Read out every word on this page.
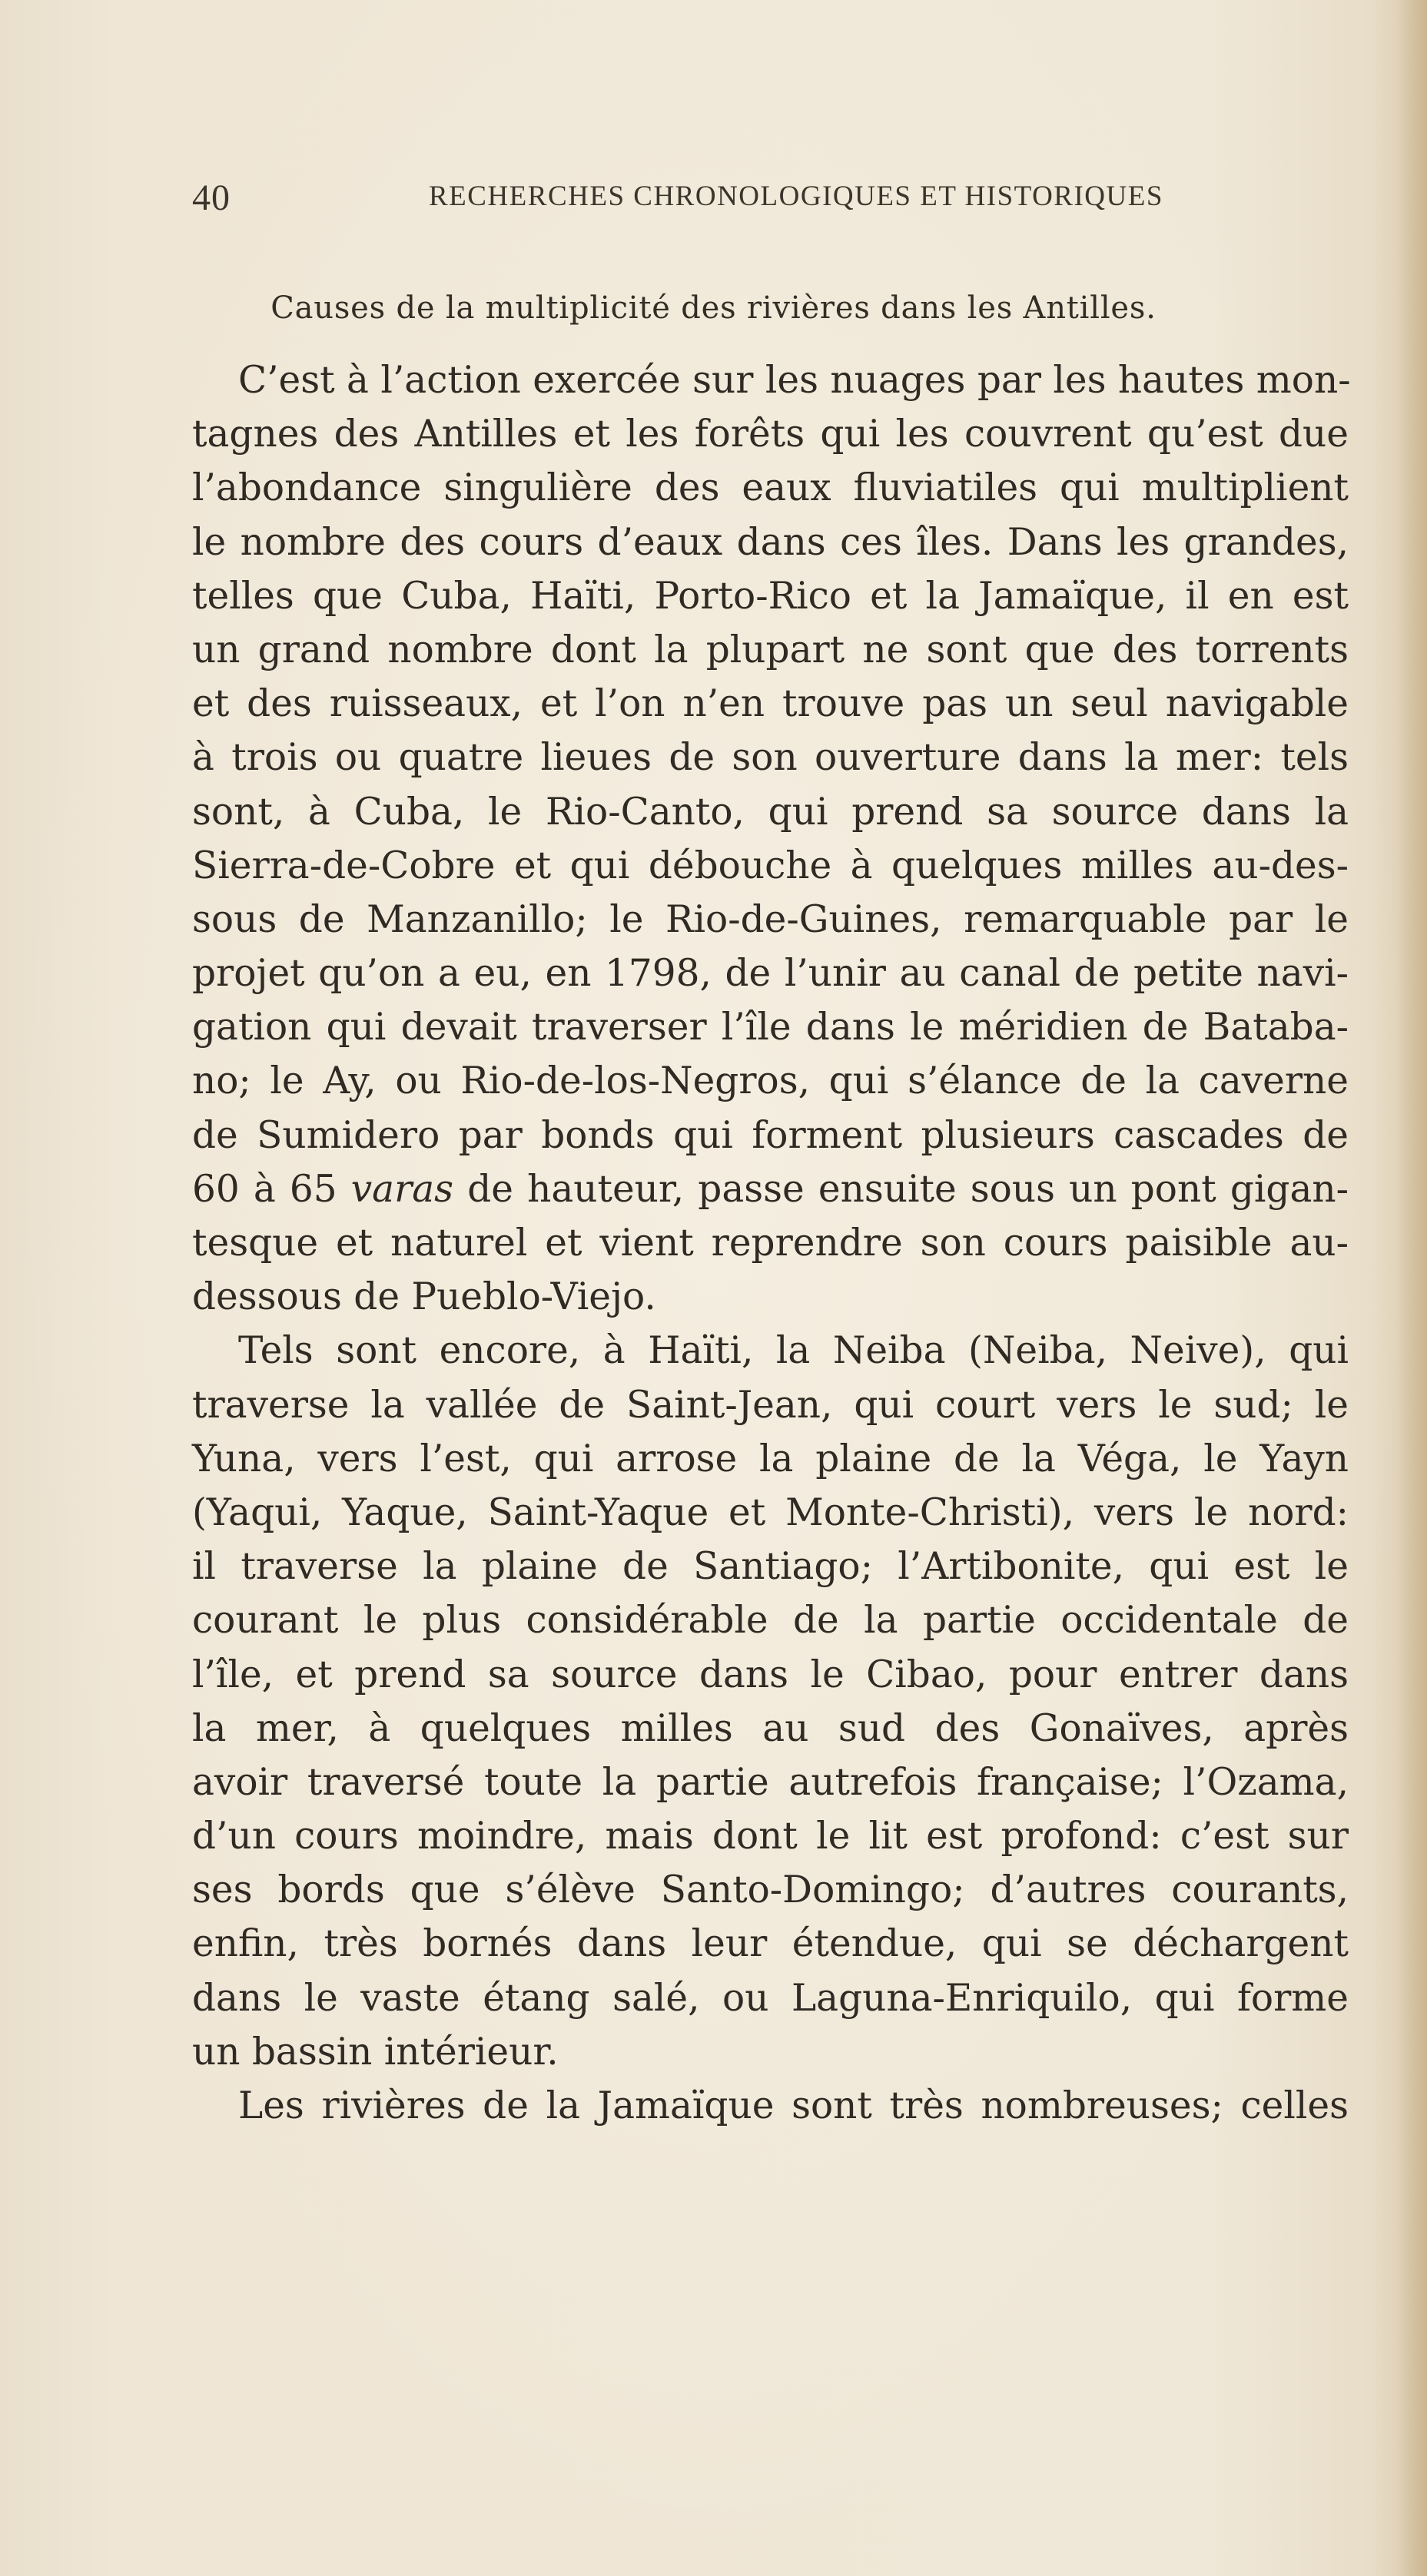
40	RECHERCHES CHRONOLOGIQUES ET HISTORIQUES
Causes de la multiplicité des rivières dans les Antilles.
C’est à l’action exercée sur les nuages par les hautes mon-
tagnes des Antilles et les forêts qui les couvrent qu’est due
l’abondance singulière des eaux fluviatiles qui multiplient
le nombre des cours d’eaux dans ces îles. Dans les grandes,
telles que Cuba, Haïti, Porto-Rico et la Jamaïque, il en est
un grand nombre dont la plupart ne sont que des torrents
et des ruisseaux, et l’on n’en trouve pas un seul navigable
à trois ou quatre lieues de son ouverture dans la mer: tels
sont, à Cuba, le Rio-Canto, qui prend sa source dans la
Sierra-de-Cobre et qui débouche à quelques milles au-des-
sous de Manzanillo; le Rio-de-Guines, remarquable par le
projet qu’on a eu, en 1798, de l’unir au canal de petite navi-
gation qui devait traverser l’île dans le méridien de Bataba-
no; le Ay, ou Rio-de-los-Negros, qui s’élance de la caverne
de Sumidero par bonds qui forment plusieurs cascades de
60 à 65 varas de hauteur, passe ensuite sous un pont gigan-
tesque et naturel et vient reprendre son cours paisible au-
dessous de Pueblo-Viejo.
Tels sont encore, à Haïti, la Neiba (Neiba, Neive), qui
traverse la vallée de Saint-Jean, qui court vers le sud; le
Yuna, vers l’est, qui arrose la plaine de la Véga, le Yayn
(Yaqui, Yaque, Saint-Yaque et Monte-Christi), vers le nord:
il traverse la plaine de Santiago; l’Artibonite, qui est le
courant le plus considérable de la partie occidentale de
l’île, et prend sa source dans le Cibao, pour entrer dans
la mer, à quelques milles au sud des Gonaïves, après
avoir traversé toute la partie autrefois française; l’Ozama,
d’un cours moindre, mais dont le lit est profond: c’est sur
ses bords que s’élève Santo-Domingo; d’autres courants,
enfin, très bornés dans leur étendue, qui se déchargent
dans le vaste étang salé, ou Laguna-Enriquilo, qui forme
un bassin intérieur.
Les rivières de la Jamaïque sont très nombreuses; celles
